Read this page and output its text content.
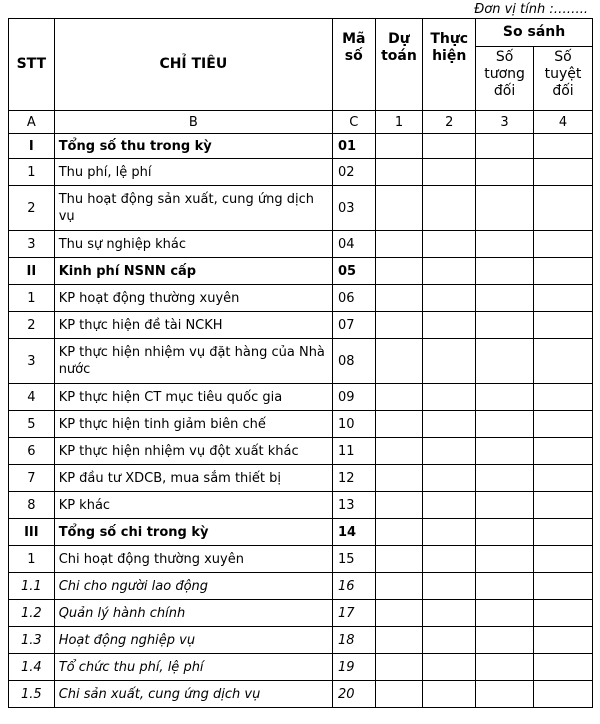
Đơn vị tính :……..
STT	CHỈ TIÊU	Mã số	Dự toán	Thực hiện	So sánh	
					Số tương đối	Số tuyệt đối
A	B	C	1	2	3	4
I	Tổng số thu trong kỳ	01				
1	Thu phí, lệ phí	02				
2	Thu hoạt động sản xuất, cung ứng dịch vụ	03				
3	Thu sự nghiệp khác	04				
II	Kinh phí NSNN cấp	05				
1	KP hoạt động thường xuyên	06				
2	KP thực hiện đề tài NCKH	07				
3	KP thực hiện nhiệm vụ đặt hàng của Nhà nước	08				
4	KP thực hiện CT mục tiêu quốc gia	09				
5	KP thực hiện tinh giảm biên chế	10				
6	KP thực hiện nhiệm vụ đột xuất khác	11				
7	KP đầu tư XDCB, mua sắm thiết bị	12				
8	KP khác	13				
III	Tổng số chi trong kỳ	14				
1	Chi hoạt động thường xuyên	15				
1.1	Chi cho người lao động	16				
1.2	Quản lý hành chính	17				
1.3	Hoạt động nghiệp vụ	18				
1.4	Tổ chức thu phí, lệ phí	19				
1.5	Chi sản xuất, cung ứng dịch vụ	20				
